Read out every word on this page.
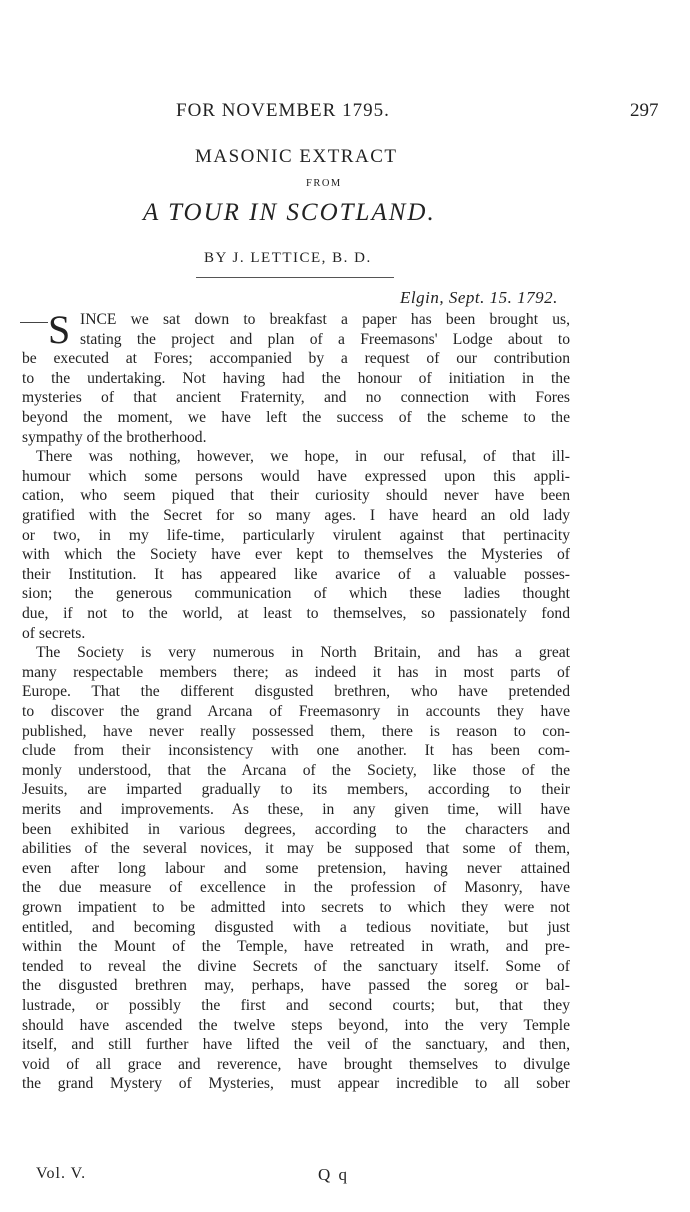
FOR NOVEMBER 1795.	297
MASONIC EXTRACT
FROM
A TOUR IN SCOTLAND.
BY J. LETTICE, B. D.
Elgin, Sept. 15. 1792.
S INCE we sat down to breakfast a paper has been brought us,
stating the project and plan of a Freemasons' Lodge about to
be executed at Fores; accompanied by a request of our contribution
to the undertaking. Not having had the honour of initiation in the
mysteries of that ancient Fraternity, and no connection with Fores
beyond the moment, we have left the success of the scheme to the
sympathy of the brotherhood.
There was nothing, however, we hope, in our refusal, of that ill-
humour which some persons would have expressed upon this appli-
cation, who seem piqued that their curiosity should never have been
gratified with the Secret for so many ages. I have heard an old lady
or two, in my life-time, particularly virulent against that pertinacity
with which the Society have ever kept to themselves the Mysteries of
their Institution. It has appeared like avarice of a valuable posses-
sion; the generous communication of which these ladies thought
due, if not to the world, at least to themselves, so passionately fond
of secrets.
The Society is very numerous in North Britain, and has a great
many respectable members there; as indeed it has in most parts of
Europe. That the different disgusted brethren, who have pretended
to discover the grand Arcana of Freemasonry in accounts they have
published, have never really possessed them, there is reason to con-
clude from their inconsistency with one another. It has been com-
monly understood, that the Arcana of the Society, like those of the
Jesuits, are imparted gradually to its members, according to their
merits and improvements. As these, in any given time, will have
been exhibited in various degrees, according to the characters and
abilities of the several novices, it may be supposed that some of them,
even after long labour and some pretension, having never attained
the due measure of excellence in the profession of Masonry, have
grown impatient to be admitted into secrets to which they were not
entitled, and becoming disgusted with a tedious novitiate, but just
within the Mount of the Temple, have retreated in wrath, and pre-
tended to reveal the divine Secrets of the sanctuary itself. Some of
the disgusted brethren may, perhaps, have passed the soreg or bal-
lustrade, or possibly the first and second courts; but, that they
should have ascended the twelve steps beyond, into the very Temple
itself, and still further have lifted the veil of the sanctuary, and then,
void of all grace and reverence, have brought themselves to divulge
the grand Mystery of Mysteries, must appear incredible to all sober
Vol. V.	Q q
